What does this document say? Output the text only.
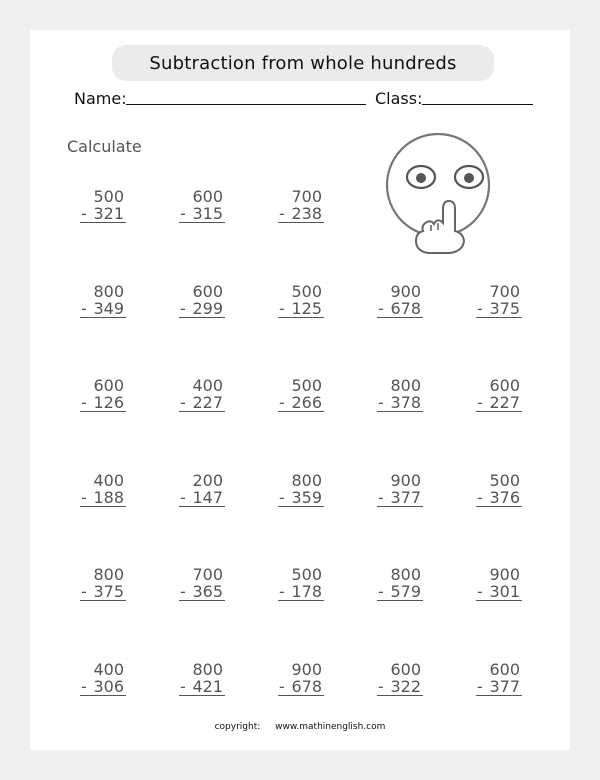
Subtraction from whole hundreds
Name:	Class:
Calculate
500
- 321
600
- 315
700
- 238
800
- 349
600
- 299
500
- 125
900
- 678
700
- 375
600
- 126
400
- 227
500
- 266
800
- 378
600
- 227
400
- 188
200
- 147
800
- 359
900
- 377
500
- 376
800
- 375
700
- 365
500
- 178
800
- 579
900
- 301
400
- 306
800
- 421
900
- 678
600
- 322
600
- 377
copyright: www.mathinenglish.com
